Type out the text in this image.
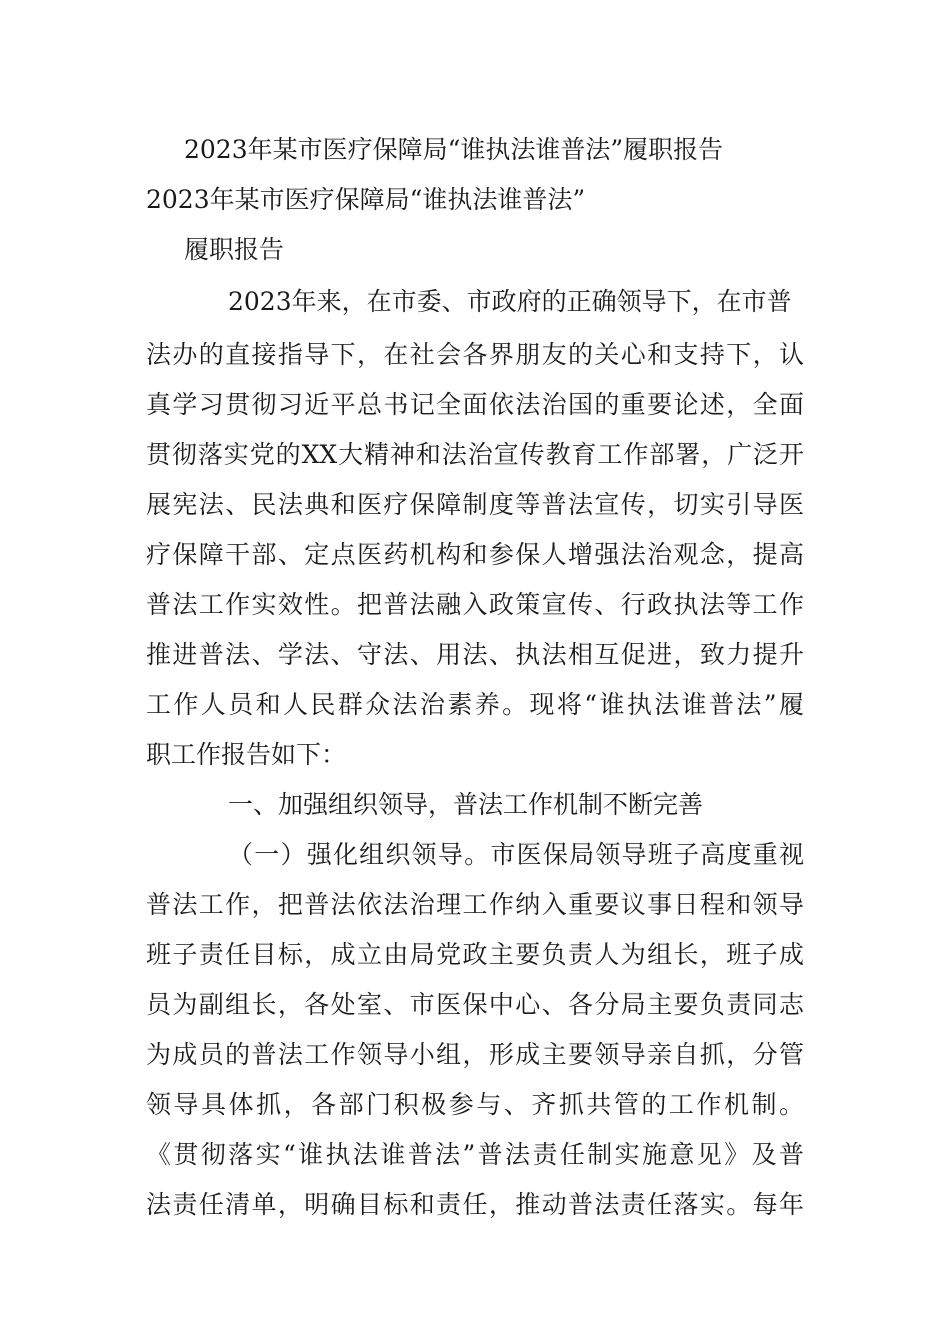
2023年某市医疗保障局“谁执法谁普法”履职报告
2023年某市医疗保障局“谁执法谁普法”
履职报告
2023年来，在市委、市政府的正确领导下，在市普
法办的直接指导下，在社会各界朋友的关心和支持下，认
真学习贯彻习近平总书记全面依法治国的重要论述，全面
贯彻落实党的XX大精神和法治宣传教育工作部署，广泛开
展宪法、民法典和医疗保障制度等普法宣传，切实引导医
疗保障干部、定点医药机构和参保人增强法治观念，提高
普法工作实效性。把普法融入政策宣传、行政执法等工作
推进普法、学法、守法、用法、执法相互促进，致力提升
工作人员和人民群众法治素养。现将“谁执法谁普法”履
职工作报告如下：
一、加强组织领导，普法工作机制不断完善
（一）强化组织领导。市医保局领导班子高度重视
普法工作，把普法依法治理工作纳入重要议事日程和领导
班子责任目标，成立由局党政主要负责人为组长，班子成
员为副组长，各处室、市医保中心、各分局主要负责同志
为成员的普法工作领导小组，形成主要领导亲自抓，分管
领导具体抓，各部门积极参与、齐抓共管的工作机制。
《贯彻落实“谁执法谁普法”普法责任制实施意见》及普
法责任清单，明确目标和责任，推动普法责任落实。每年
